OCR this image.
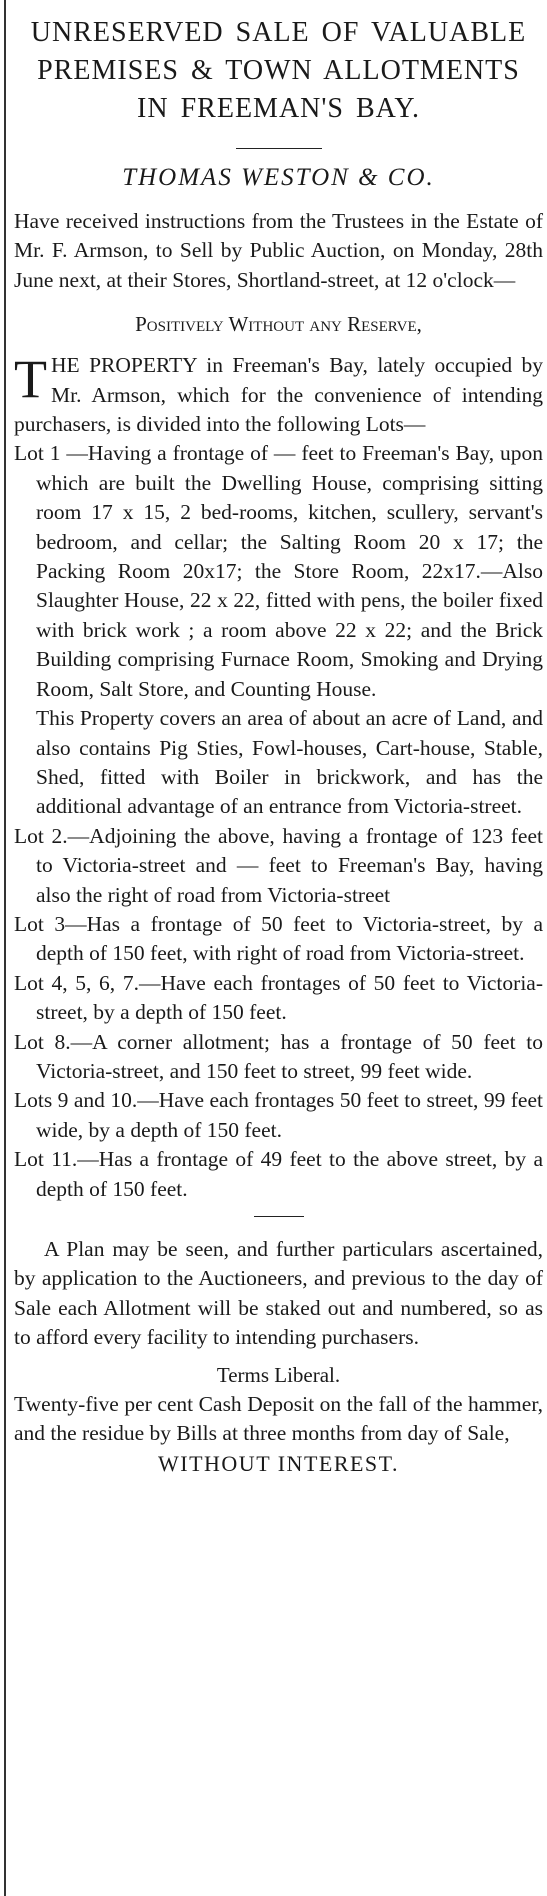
UNRESERVED SALE OF VALUABLE
PREMISES & TOWN ALLOTMENTS
IN FREEMAN'S BAY.
THOMAS WESTON & CO.
Have received instructions from the Trustees in the Estate of Mr. F. Armson, to Sell by Public Auction, on Monday, 28th June next, at their Stores, Shortland-street, at 12 o'clock—
Positively Without any Reserve,
T HE PROPERTY in Freeman's Bay, lately occupied by Mr. Armson, which for the convenience of intending purchasers, is divided into the following Lots—

Lot 1 —Having a frontage of — feet to Freeman's Bay, upon which are built the Dwelling House, comprising sitting room 17 x 15, 2 bed-rooms, kitchen, scullery, servant's bedroom, and cellar; the Salting Room 20 x 17; the Packing Room 20x17; the Store Room, 22x17.—Also Slaughter House, 22 x 22, fitted with pens, the boiler fixed with brick work ; a room above 22 x 22; and the Brick Building comprising Furnace Room, Smoking and Drying Room, Salt Store, and Counting House.

This Property covers an area of about an acre of Land, and also contains Pig Sties, Fowl-houses, Cart-house, Stable, Shed, fitted with Boiler in brickwork, and has the additional advantage of an entrance from Victoria-street.

Lot 2.—Adjoining the above, having a frontage of 123 feet to Victoria-street and — feet to Freeman's Bay, having also the right of road from Victoria-street

Lot 3—Has a frontage of 50 feet to Victoria-street, by a depth of 150 feet, with right of road from Victoria-street.

Lot 4, 5, 6, 7.—Have each frontages of 50 feet to Victoria-street, by a depth of 150 feet.

Lot 8.—A corner allotment; has a frontage of 50 feet to Victoria-street, and 150 feet to street, 99 feet wide.

Lots 9 and 10.—Have each frontages 50 feet to street, 99 feet wide, by a depth of 150 feet.

Lot 11.—Has a frontage of 49 feet to the above street, by a depth of 150 feet.

A Plan may be seen, and further particulars ascertained, by application to the Auctioneers, and previous to the day of Sale each Allotment will be staked out and numbered, so as to afford every facility to intending purchasers.
Terms Liberal.
Twenty-five per cent Cash Deposit on the fall of the hammer, and the residue by Bills at three months from day of Sale,
WITHOUT INTEREST.
